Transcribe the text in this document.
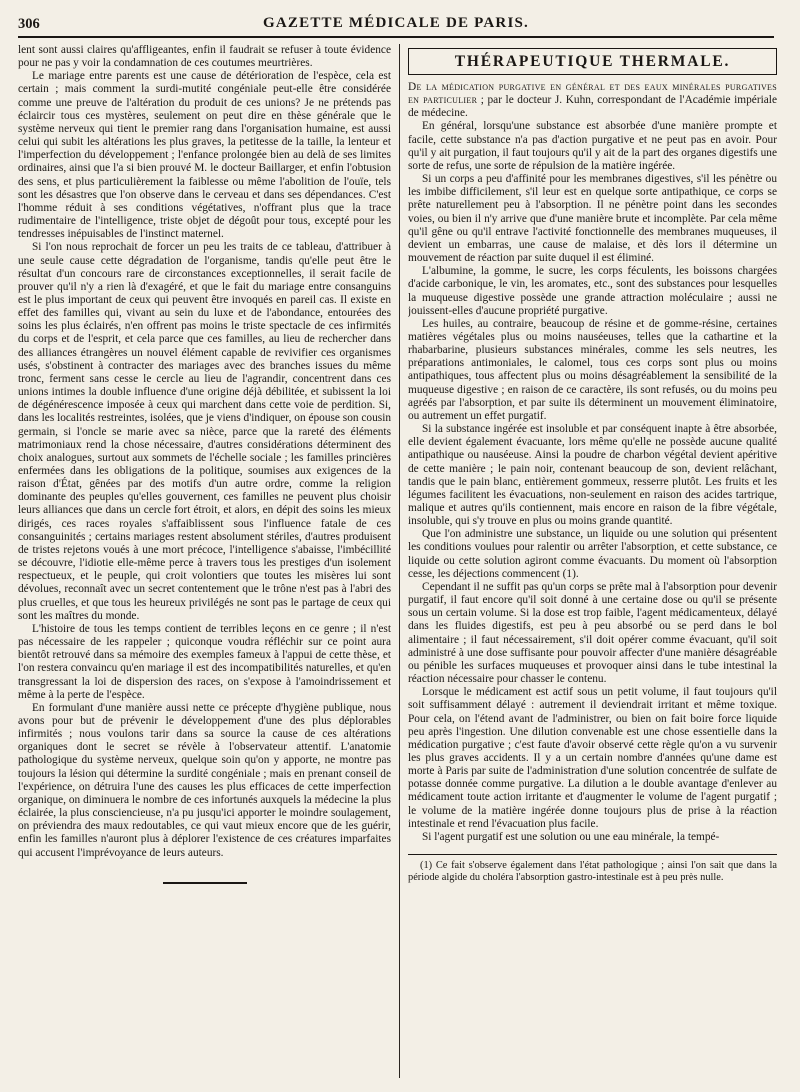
306	GAZETTE MÉDICALE DE PARIS.

lent sont aussi claires qu'affligeantes, enfin il faudrait se refuser à toute évidence pour ne pas y voir la condamnation de ces coutumes meurtrières.

Le mariage entre parents est une cause de détérioration de l'espèce, cela est certain ; mais comment la surdi-mutité congéniale peut-elle être considérée comme une preuve de l'altération du produit de ces unions? Je ne prétends pas éclaircir tous ces mystères, seulement on peut dire en thèse générale que le système nerveux qui tient le premier rang dans l'organisation humaine, est aussi celui qui subit les altérations les plus graves, la petitesse de la taille, la lenteur et l'imperfection du développement ; l'enfance prolongée bien au delà de ses limites ordinaires, ainsi que l'a si bien prouvé M. le docteur Baillarger, et enfin l'obtusion des sens, et plus particulièrement la faiblesse ou même l'abolition de l'ouïe, tels sont les désastres que l'on observe dans le cerveau et dans ses dépendances. C'est l'homme réduit à ses conditions végétatives, n'offrant plus que la trace rudimentaire de l'intelligence, triste objet de dégoût pour tous, excepté pour les tendresses inépuisables de l'instinct maternel.

Si l'on nous reprochait de forcer un peu les traits de ce tableau, d'attribuer à une seule cause cette dégradation de l'organisme, tandis qu'elle peut être le résultat d'un concours rare de circonstances exceptionnelles, il serait facile de prouver qu'il n'y a rien là d'exagéré, et que le fait du mariage entre consanguins est le plus important de ceux qui peuvent être invoqués en pareil cas. Il existe en effet des familles qui, vivant au sein du luxe et de l'abondance, entourées des soins les plus éclairés, n'en offrent pas moins le triste spectacle de ces infirmités du corps et de l'esprit, et cela parce que ces familles, au lieu de rechercher dans des alliances étrangères un nouvel élément capable de revivifier ces organismes usés, s'obstinent à contracter des mariages avec des branches issues du même tronc, ferment sans cesse le cercle au lieu de l'agrandir, concentrent dans ces unions intimes la double influence d'une origine déjà débilitée, et subissent la loi de dégénérescence imposée à ceux qui marchent dans cette voie de perdition. Si, dans les localités restreintes, isolées, que je viens d'indiquer, on épouse son cousin germain, si l'oncle se marie avec sa nièce, parce que la rareté des éléments matrimoniaux rend la chose nécessaire, d'autres considérations déterminent des choix analogues, surtout aux sommets de l'échelle sociale ; les familles princières enfermées dans les obligations de la politique, soumises aux exigences de la raison d'État, gênées par des motifs d'un autre ordre, comme la religion dominante des peuples qu'elles gouvernent, ces familles ne peuvent plus choisir leurs alliances que dans un cercle fort étroit, et alors, en dépit des soins les mieux dirigés, ces races royales s'affaiblissent sous l'influence fatale de ces consanguinités ; certains mariages restent absolument stériles, d'autres produisent de tristes rejetons voués à une mort précoce, l'intelligence s'abaisse, l'imbécillité se découvre, l'idiotie elle-même perce à travers tous les prestiges d'un isolement respectueux, et le peuple, qui croit volontiers que toutes les misères lui sont dévolues, reconnaît avec un secret contentement que le trône n'est pas à l'abri des plus cruelles, et que tous les heureux privilégés ne sont pas le partage de ceux qui sont les maîtres du monde.

L'histoire de tous les temps contient de terribles leçons en ce genre ; il n'est pas nécessaire de les rappeler ; quiconque voudra réfléchir sur ce point aura bientôt retrouvé dans sa mémoire des exemples fameux à l'appui de cette thèse, et l'on restera convaincu qu'en mariage il est des incompatibilités naturelles, et qu'en transgressant la loi de dispersion des races, on s'expose à l'amoindrissement et même à la perte de l'espèce.

En formulant d'une manière aussi nette ce précepte d'hygiène publique, nous avons pour but de prévenir le développement d'une des plus déplorables infirmités ; nous voulons tarir dans sa source la cause de ces altérations organiques dont le secret se révèle à l'observateur attentif. L'anatomie pathologique du système nerveux, quelque soin qu'on y apporte, ne montre pas toujours la lésion qui détermine la surdité congéniale ; mais en prenant conseil de l'expérience, on détruira l'une des causes les plus efficaces de cette imperfection organique, on diminuera le nombre de ces infortunés auxquels la médecine la plus éclairée, la plus consciencieuse, n'a pu jusqu'ici apporter le moindre soulagement, on préviendra des maux redoutables, ce qui vaut mieux encore que de les guérir, enfin les familles n'auront plus à déplorer l'existence de ces créatures imparfaites qui accusent l'imprévoyance de leurs auteurs.

THÉRAPEUTIQUE THERMALE.

De la médication purgative en général et des eaux minérales purgatives en particulier ; par le docteur J. Kuhn, correspondant de l'Académie impériale de médecine.

En général, lorsqu'une substance est absorbée d'une manière prompte et facile, cette substance n'a pas d'action purgative et ne peut pas en avoir. Pour qu'il y ait purgation, il faut toujours qu'il y ait de la part des organes digestifs une sorte de refus, une sorte de répulsion de la matière ingérée.

Si un corps a peu d'affinité pour les membranes digestives, s'il les pénètre ou les imbibe difficilement, s'il leur est en quelque sorte antipathique, ce corps se prête naturellement peu à l'absorption. Il ne pénètre point dans les secondes voies, ou bien il n'y arrive que d'une manière brute et incomplète. Par cela même qu'il gêne ou qu'il entrave l'activité fonctionnelle des membranes muqueuses, il devient un embarras, une cause de malaise, et dès lors il détermine un mouvement de réaction par suite duquel il est éliminé.

L'albumine, la gomme, le sucre, les corps féculents, les boissons chargées d'acide carbonique, le vin, les aromates, etc., sont des substances pour lesquelles la muqueuse digestive possède une grande attraction moléculaire ; aussi ne jouissent-elles d'aucune propriété purgative.

Les huiles, au contraire, beaucoup de résine et de gomme-résine, certaines matières végétales plus ou moins nauséeuses, telles que la cathartine et la rhabarbarine, plusieurs substances minérales, comme les sels neutres, les préparations antimoniales, le calomel, tous ces corps sont plus ou moins antipathiques, tous affectent plus ou moins désagréablement la sensibilité de la muqueuse digestive ; en raison de ce caractère, ils sont refusés, ou du moins peu agréés par l'absorption, et par suite ils déterminent un mouvement éliminatoire, ou autrement un effet purgatif.

Si la substance ingérée est insoluble et par conséquent inapte à être absorbée, elle devient également évacuante, lors même qu'elle ne possède aucune qualité antipathique ou nauséeuse. Ainsi la poudre de charbon végétal devient apéritive de cette manière ; le pain noir, contenant beaucoup de son, devient relâchant, tandis que le pain blanc, entièrement gommeux, resserre plutôt. Les fruits et les légumes facilitent les évacuations, non-seulement en raison des acides tartrique, malique et autres qu'ils contiennent, mais encore en raison de la fibre végétale, insoluble, qui s'y trouve en plus ou moins grande quantité.

Que l'on administre une substance, un liquide ou une solution qui présentent les conditions voulues pour ralentir ou arrêter l'absorption, et cette substance, ce liquide ou cette solution agiront comme évacuants. Du moment où l'absorption cesse, les déjections commencent (1).

Cependant il ne suffit pas qu'un corps se prête mal à l'absorption pour devenir purgatif, il faut encore qu'il soit donné à une certaine dose ou qu'il se présente sous un certain volume. Si la dose est trop faible, l'agent médicamenteux, délayé dans les fluides digestifs, est peu à peu absorbé ou se perd dans le bol alimentaire ; il faut nécessairement, s'il doit opérer comme évacuant, qu'il soit administré à une dose suffisante pour pouvoir affecter d'une manière désagréable ou pénible les surfaces muqueuses et provoquer ainsi dans le tube intestinal la réaction nécessaire pour chasser le contenu.

Lorsque le médicament est actif sous un petit volume, il faut toujours qu'il soit suffisamment délayé : autrement il deviendrait irritant et même toxique. Pour cela, on l'étend avant de l'administrer, ou bien on fait boire force liquide peu après l'ingestion. Une dilution convenable est une chose essentielle dans la médication purgative ; c'est faute d'avoir observé cette règle qu'on a vu survenir les plus graves accidents. Il y a un certain nombre d'années qu'une dame est morte à Paris par suite de l'administration d'une solution concentrée de sulfate de potasse donnée comme purgative. La dilution a le double avantage d'enlever au médicament toute action irritante et d'augmenter le volume de l'agent purgatif ; le volume de la matière ingérée donne toujours plus de prise à la réaction intestinale et rend l'évacuation plus facile.

Si l'agent purgatif est une solution ou une eau minérale, la tempé-

(1) Ce fait s'observe également dans l'état pathologique ; ainsi l'on sait que dans la période algide du choléra l'absorption gastro-intestinale est à peu près nulle.
